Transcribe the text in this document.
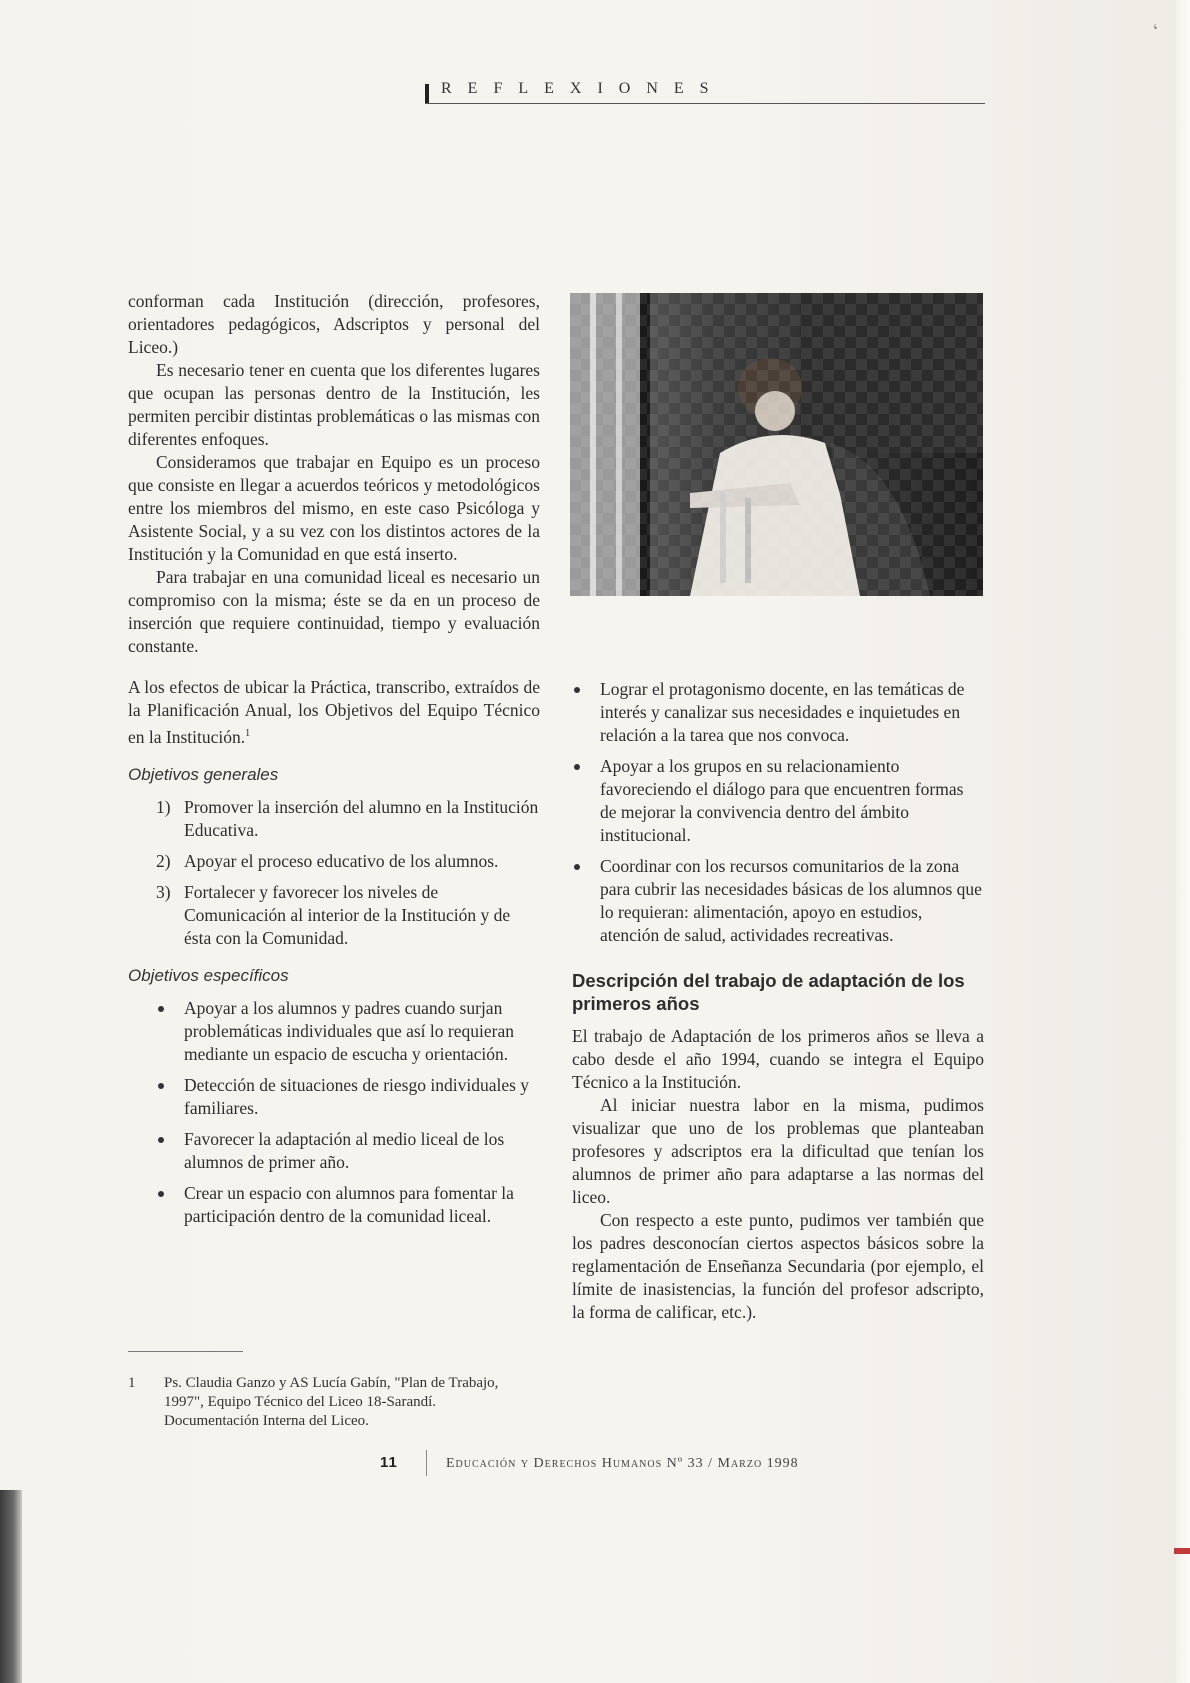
ʻ
REFLEXIONES

conforman cada Institución (dirección, profesores, orientadores pedagógicos, Adscriptos y personal del Liceo.)

Es necesario tener en cuenta que los diferentes lugares que ocupan las personas dentro de la Institución, les permiten percibir distintas problemáticas o las mismas con diferentes enfoques.

Consideramos que trabajar en Equipo es un proceso que consiste en llegar a acuerdos teóricos y metodológicos entre los miembros del mismo, en este caso Psicóloga y Asistente Social, y a su vez con los distintos actores de la Institución y la Comunidad en que está inserto.

Para trabajar en una comunidad liceal es necesario un compromiso con la misma; éste se da en un proceso de inserción que requiere continuidad, tiempo y evaluación constante.

A los efectos de ubicar la Práctica, transcribo, extraídos de la Planificación Anual, los Objetivos del Equipo Técnico en la Institución.$^1$

Objetivos generales
1) Promover la inserción del alumno en la Institución Educativa.
2) Apoyar el proceso educativo de los alumnos.
3) Fortalecer y favorecer los niveles de Comunicación al interior de la Institución y de ésta con la Comunidad.
Objetivos específicos
Apoyar a los alumnos y padres cuando surjan problemáticas individuales que así lo requieran mediante un espacio de escucha y orientación.
Detección de situaciones de riesgo individuales y familiares.
Favorecer la adaptación al medio liceal de los alumnos de primer año.
Crear un espacio con alumnos para fomentar la participación dentro de la comunidad liceal.
Lograr el protagonismo docente, en las temáticas de interés y canalizar sus necesidades e inquietudes en relación a la tarea que nos convoca.
Apoyar a los grupos en su relacionamiento favoreciendo el diálogo para que encuentren formas de mejorar la convivencia dentro del ámbito institucional.
Coordinar con los recursos comunitarios de la zona para cubrir las necesidades básicas de los alumnos que lo requieran: alimentación, apoyo en estudios, atención de salud, actividades recreativas.
Descripción del trabajo de adaptación de los primeros años

El trabajo de Adaptación de los primeros años se lleva a cabo desde el año 1994, cuando se integra el Equipo Técnico a la Institución.

Al iniciar nuestra labor en la misma, pudimos visualizar que uno de los problemas que planteaban profesores y adscriptos era la dificultad que tenían los alumnos de primer año para adaptarse a las normas del liceo.

Con respecto a este punto, pudimos ver también que los padres desconocían ciertos aspectos básicos sobre la reglamentación de Enseñanza Secundaria (por ejemplo, el límite de inasistencias, la función del profesor adscripto, la forma de calificar, etc.).

1 Ps. Claudia Ganzo y AS Lucía Gabín, "Plan de Trabajo, 1997", Equipo Técnico del Liceo 18-Sarandí. Documentación Interna del Liceo.
11	Educación y Derechos Humanos Nº 33 / Marzo 1998
